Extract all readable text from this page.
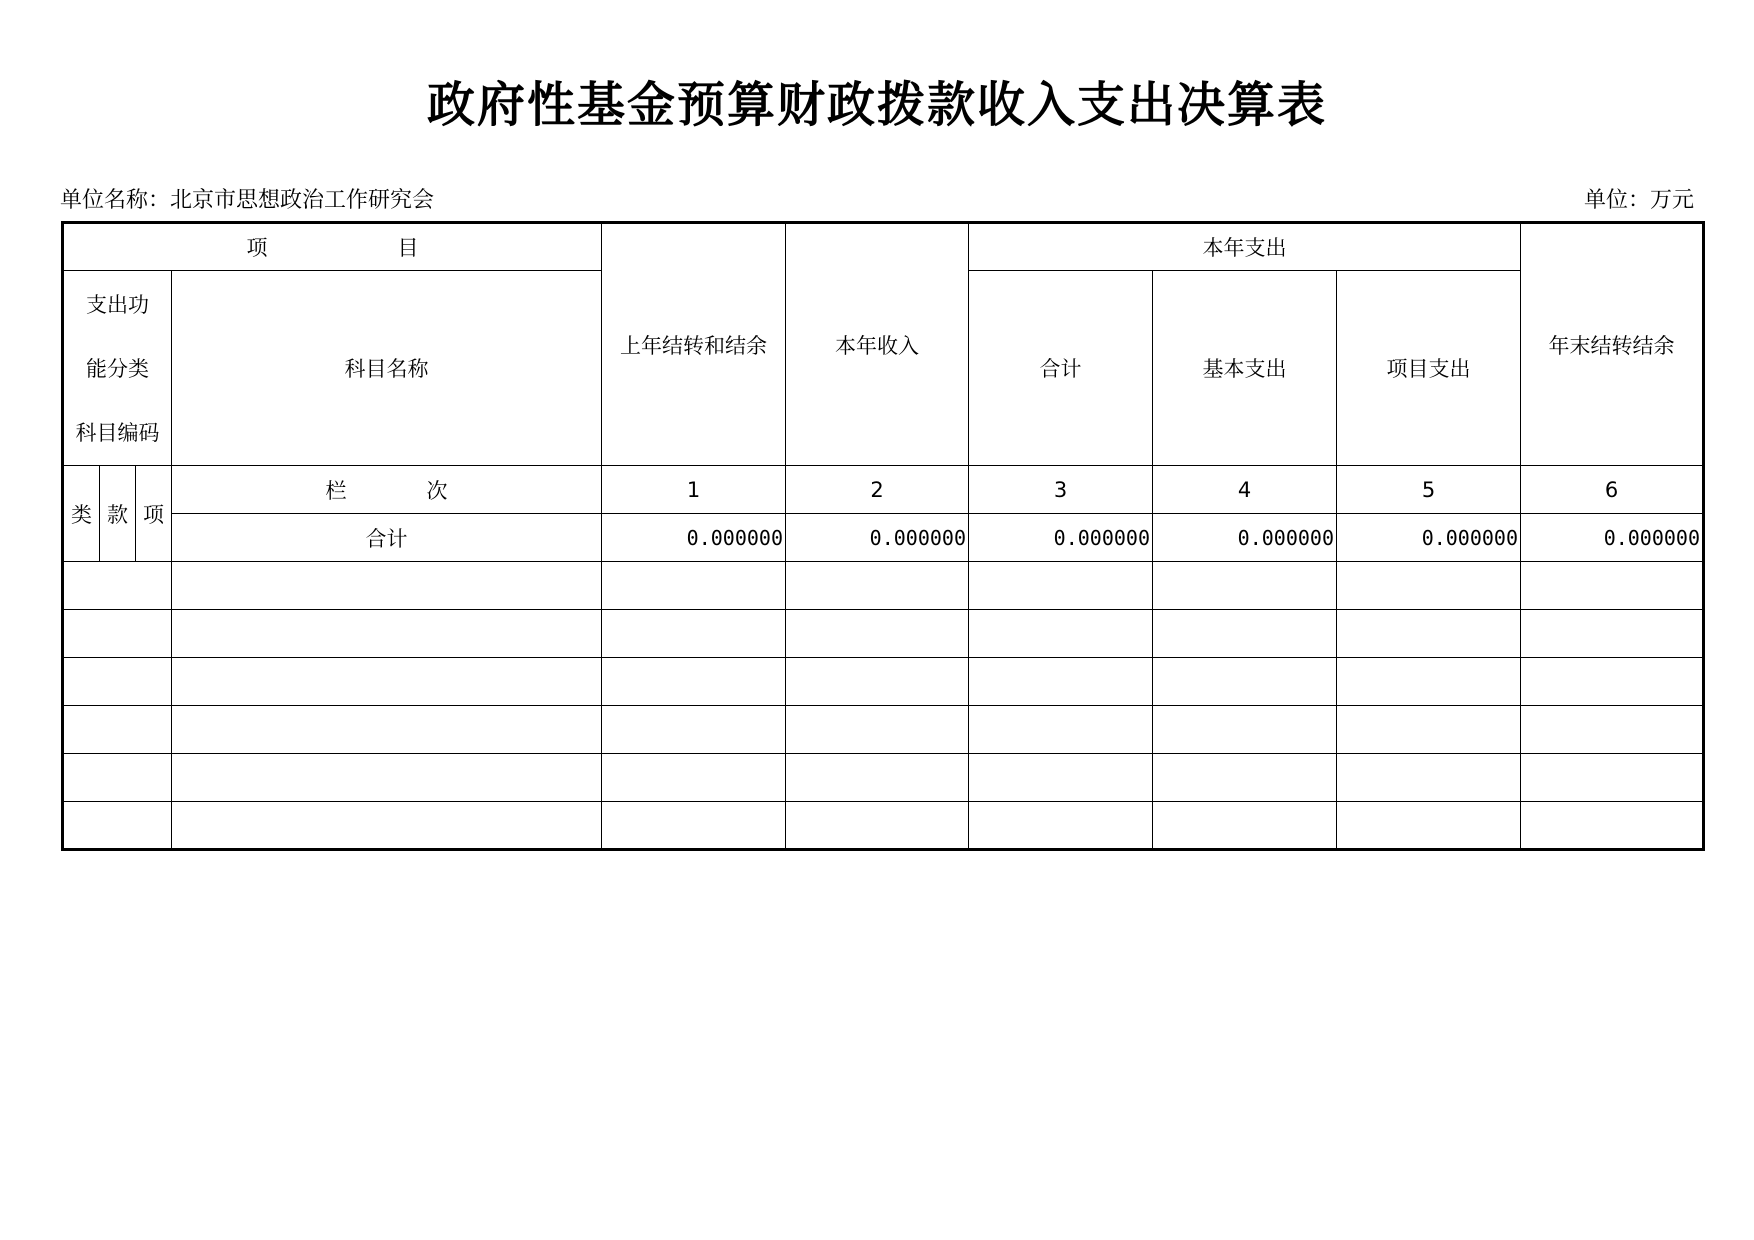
政府性基金预算财政拨款收入支出决算表
单位名称：北京市思想政治工作研究会	单位：万元
项 目				上年结转和结余	本年收入	本年支出			年末结转结余

支出功
能分类
科目编码			科目名称			合计	基本支出	项目支出	
类	款	项	栏 次	1	2	3	4	5	6
			合计	0.000000	0.000000	0.000000	0.000000	0.000000	0.000000
